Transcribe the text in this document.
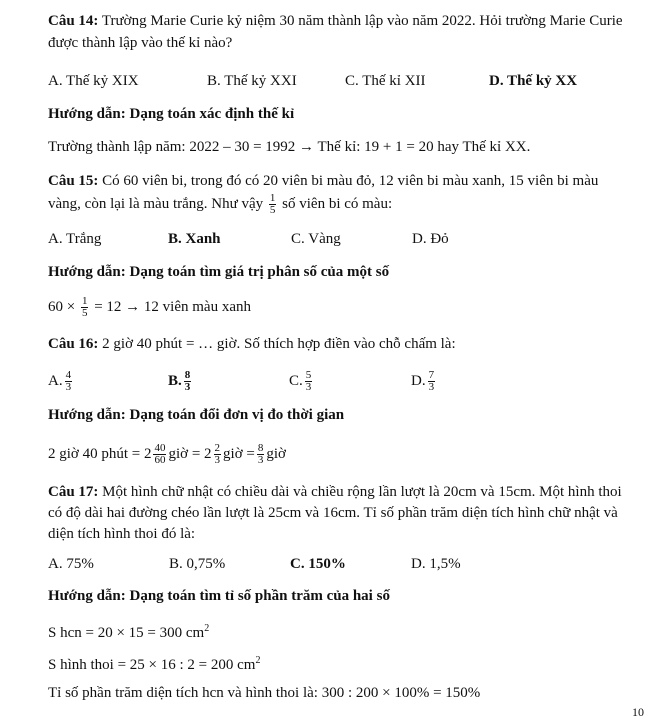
Câu 14: Trường Marie Curie kỷ niệm 30 năm thành lập vào năm 2022. Hỏi trường Marie Curie
được thành lập vào thế kỉ nào?
A. Thế kỷ XIX	B. Thế kỷ XXI	C. Thế kỉ XII	D. Thế kỷ XX
Hướng dẫn: Dạng toán xác định thế kỉ
Trường thành lập năm: 2022 – 30 = 1992 → Thế kỉ: 19 + 1 = 20 hay Thế kỉ XX.
Câu 15: Có 60 viên bi, trong đó có 20 viên bi màu đỏ, 12 viên bi màu xanh, 15 viên bi màu
vàng, còn lại là màu trắng. Như vậy $\frac{1}{5}$ số viên bi có màu:
A. Trắng	B. Xanh	C. Vàng	D. Đỏ
Hướng dẫn: Dạng toán tìm giá trị phân số của một số
$60 \times \frac{1}{5} = 12 \to 12$ viên màu xanh
Câu 16: 2 giờ 40 phút = … giờ. Số thích hợp điền vào chỗ chấm là:
A. $\frac{4}{3}$	B. $\frac{8}{3}$	C. $\frac{5}{3}$	D. $\frac{7}{3}$
Hướng dẫn: Dạng toán đổi đơn vị đo thời gian
2 giờ 40 phút = $2 \frac{40}{60}$ giờ = $2 \frac{2}{3}$ giờ = $\frac{8}{3}$ giờ
Câu 17: Một hình chữ nhật có chiều dài và chiều rộng lần lượt là 20cm và 15cm. Một hình thoi
có độ dài hai đường chéo lần lượt là 25cm và 16cm. Tỉ số phần trăm diện tích hình chữ nhật và
diện tích hình thoi đó là:
A. 75%	B. 0,75%	C. 150%	D. 1,5%
Hướng dẫn: Dạng toán tìm tỉ số phần trăm của hai số
S hcn = 20 × 15 = 300 $cm^2$
S hình thoi = 25 × 16 : 2 = 200 $cm^2$
Tỉ số phần trăm diện tích hcn và hình thoi là: 300 : 200 × 100% = 150%
10
